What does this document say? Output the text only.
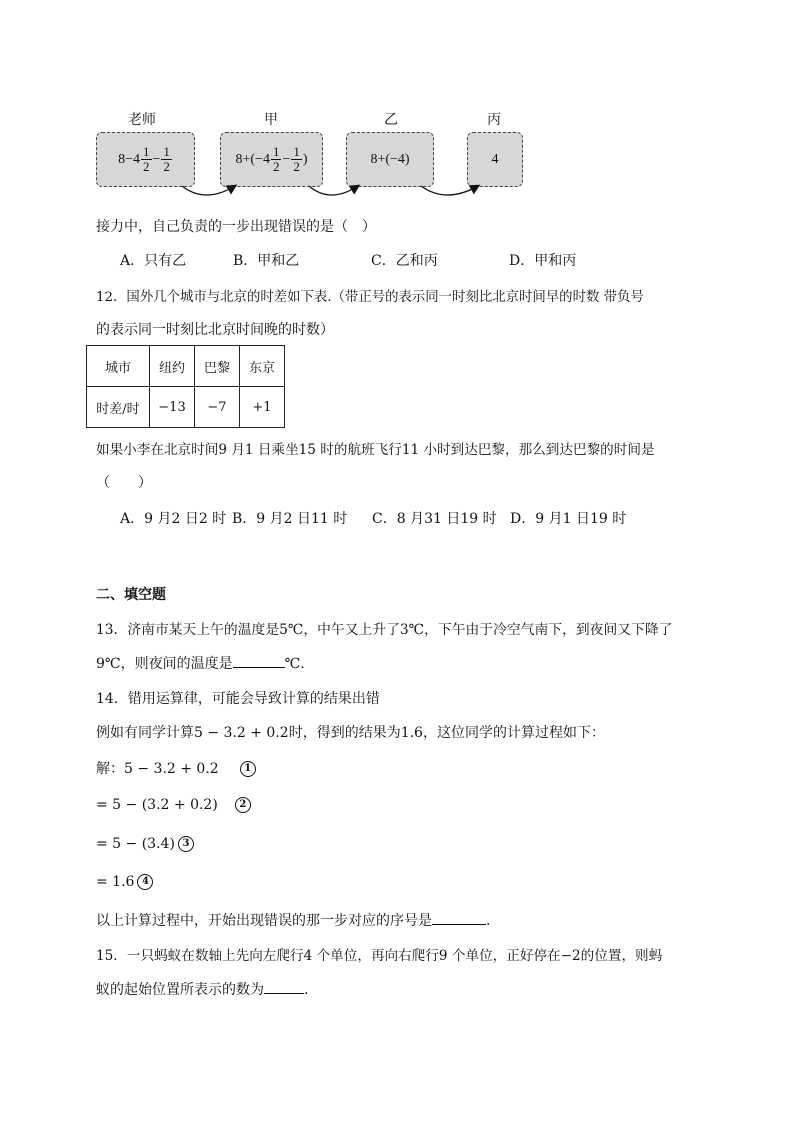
老师	甲	乙	丙
$8-4 \frac{1}{2} - \frac{1}{2}$	$8+(-4 \frac{1}{2} - \frac{1}{2}$ )	8+(−4)	4
接力中，自己负责的一步出现错误的是（　）
A．只有乙	B．甲和乙	C．乙和丙	D．甲和丙
12．国外几个城市与北京的时差如下表.（带正号的表示同一时刻比北京时间早的时数 带负号
的表示同一时刻比北京时间晚的时数）
城市	纽约	巴黎	东京
时差/时	−13	−7	+1
如果小李在北京时间9 月1 日乘坐15 时的航班飞行11 小时到达巴黎，那么到达巴黎的时间是
（　　）
A．9 月2 日2 时 B．9 月2 日11 时 C．8 月31 日19 时 D．9 月1 日19 时
二、填空题
13．济南市某天上午的温度是5℃，中午又上升了3℃，下午由于冷空气南下，到夜间又下降了
9℃，则夜间的温度是	℃.
14．错用运算律，可能会导致计算的结果出错
例如有同学计算5 − 3.2 + 0.2时，得到的结果为1.6，这位同学的计算过程如下：
解：5 − 3.2 + 0.2	1
= 5 − (3.2 + 0.2) 2
= 5 − (3.4) 3
= 1.6 4
以上计算过程中，开始出现错误的那一步对应的序号是	.
15．一只蚂蚁在数轴上先向左爬行4 个单位，再向右爬行9 个单位，正好停在−2的位置，则蚂
蚁的起始位置所表示的数为	.
